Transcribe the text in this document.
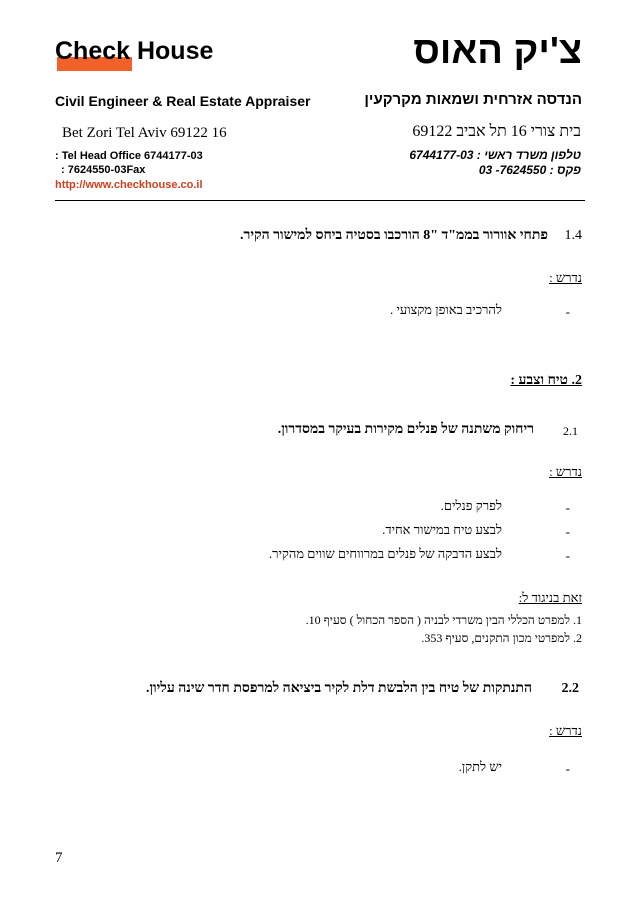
Check House	צ'יק האוס
Civil Engineer & Real Estate Appraiser	הנדסה אזרחית ושמאות מקרקעין
Bet Zori Tel Aviv 69122 16	בית צורי 16 תל אביב 69122
: Tel Head Office 6744177-03
: 7624550-03Fax
טלפון משרד ראשי : 6744177-03
פקס : 7624550- 03
http://www.checkhouse.co.il
1.4
פתחי אוורור בממ"ד "8 הורכבו בסטיה ביחס למישור הקיר.
נדרש :
-
להרכיב באופן מקצועי .
2. טיח וצבע :
2.1
ריחוק משתנה של פנלים מקירות בעיקר במסדרון.
נדרש :
-
לפרק פנלים.
-
לבצע טיח במישור אחיד.
-
לבצע הדבקה של פנלים במרווחים שווים מהקיר.
זאת בניגוד ל:
1. למפרט הכללי הבין משרדי לבניה ( הספר הכחול ) סעיף 10.
2. למפרטי מכון התקנים, סעיף 353.
2.2
התנתקות של טיח בין הלבשת דלת לקיר ביציאה למרפסת חדר שינה עליון.
נדרש :
-
יש לתקן.
7
